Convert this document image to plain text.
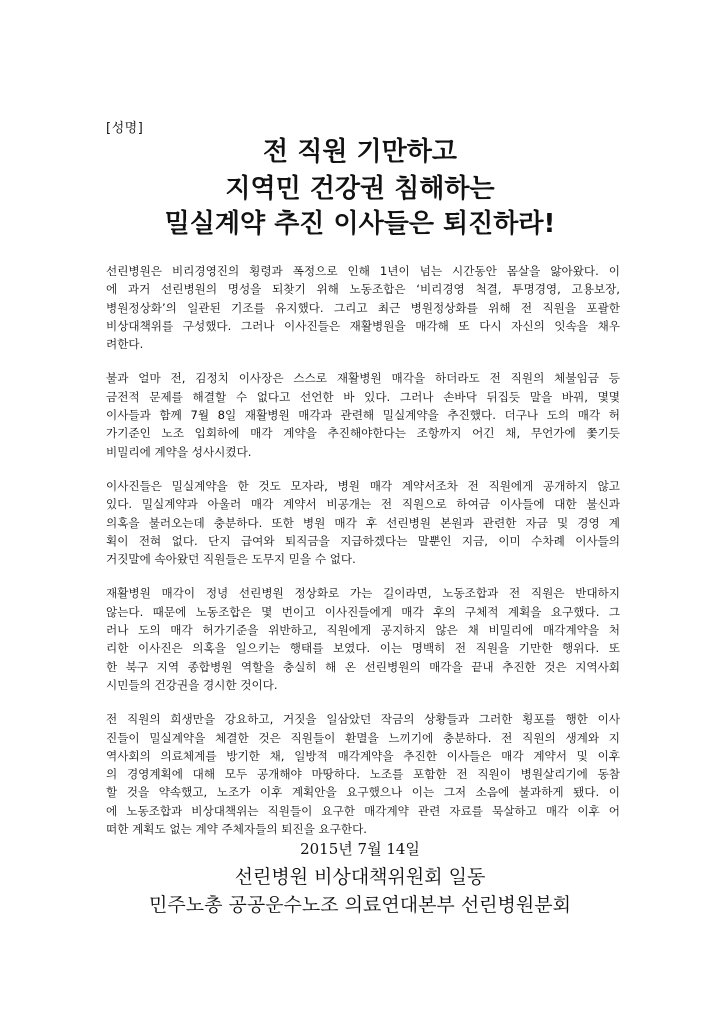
[성명]
전 직원 기만하고
지역민 건강권 침해하는
밀실계약 추진 이사들은 퇴진하라!
선린병원은 비리경영진의 횡령과 폭정으로 인해 1년이 넘는 시간동안 몸살을 앓아왔다. 이
에 과거 선린병원의 명성을 되찾기 위해 노동조합은 ‘비리경영 척결, 투명경영, 고용보장,
병원정상화’의 일관된 기조를 유지했다. 그리고 최근 병원정상화를 위해 전 직원을 포괄한
비상대책위를 구성했다. 그러나 이사진들은 재활병원을 매각해 또 다시 자신의 잇속을 채우
려한다.
불과 얼마 전, 김정치 이사장은 스스로 재활병원 매각을 하더라도 전 직원의 체불임금 등
금전적 문제를 해결할 수 없다고 선언한 바 있다. 그러나 손바닥 뒤집듯 말을 바꿔, 몇몇
이사들과 함께 7월 8일 재활병원 매각과 관련해 밀실계약을 추진했다. 더구나 도의 매각 허
가기준인 노조 입회하에 매각 계약을 추진해야한다는 조항까지 어긴 채, 무언가에 쫓기듯
비밀리에 계약을 성사시켰다.
이사진들은 밀실계약을 한 것도 모자라, 병원 매각 계약서조차 전 직원에게 공개하지 않고
있다. 밀실계약과 아울러 매각 계약서 비공개는 전 직원으로 하여금 이사들에 대한 불신과
의혹을 불러오는데 충분하다. 또한 병원 매각 후 선린병원 본원과 관련한 자금 및 경영 계
획이 전혀 없다. 단지 급여와 퇴직금을 지급하겠다는 말뿐인 지금, 이미 수차례 이사들의
거짓말에 속아왔던 직원들은 도무지 믿을 수 없다.
재활병원 매각이 정녕 선린병원 정상화로 가는 길이라면, 노동조합과 전 직원은 반대하지
않는다. 때문에 노동조합은 몇 번이고 이사진들에게 매각 후의 구체적 계획을 요구했다. 그
러나 도의 매각 허가기준을 위반하고, 직원에게 공지하지 않은 채 비밀리에 매각계약을 처
리한 이사진은 의혹을 일으키는 행태를 보였다. 이는 명백히 전 직원을 기만한 행위다. 또
한 북구 지역 종합병원 역할을 충실히 해 온 선린병원의 매각을 끝내 추진한 것은 지역사회
시민들의 건강권을 경시한 것이다.
전 직원의 희생만을 강요하고, 거짓을 일삼았던 작금의 상황들과 그러한 횡포를 행한 이사
진들이 밀실계약을 체결한 것은 직원들이 환멸을 느끼기에 충분하다. 전 직원의 생계와 지
역사회의 의료체계를 방기한 채, 일방적 매각계약을 추진한 이사들은 매각 계약서 및 이후
의 경영계획에 대해 모두 공개해야 마땅하다. 노조를 포함한 전 직원이 병원살리기에 동참
할 것을 약속했고, 노조가 이후 계획안을 요구했으나 이는 그저 소음에 불과하게 됐다. 이
에 노동조합과 비상대책위는 직원들이 요구한 매각계약 관련 자료를 묵살하고 매각 이후 어
떠한 계획도 없는 계약 주체자들의 퇴진을 요구한다.
2015년 7월 14일
선린병원 비상대책위원회 일동
민주노총 공공운수노조 의료연대본부 선린병원분회
